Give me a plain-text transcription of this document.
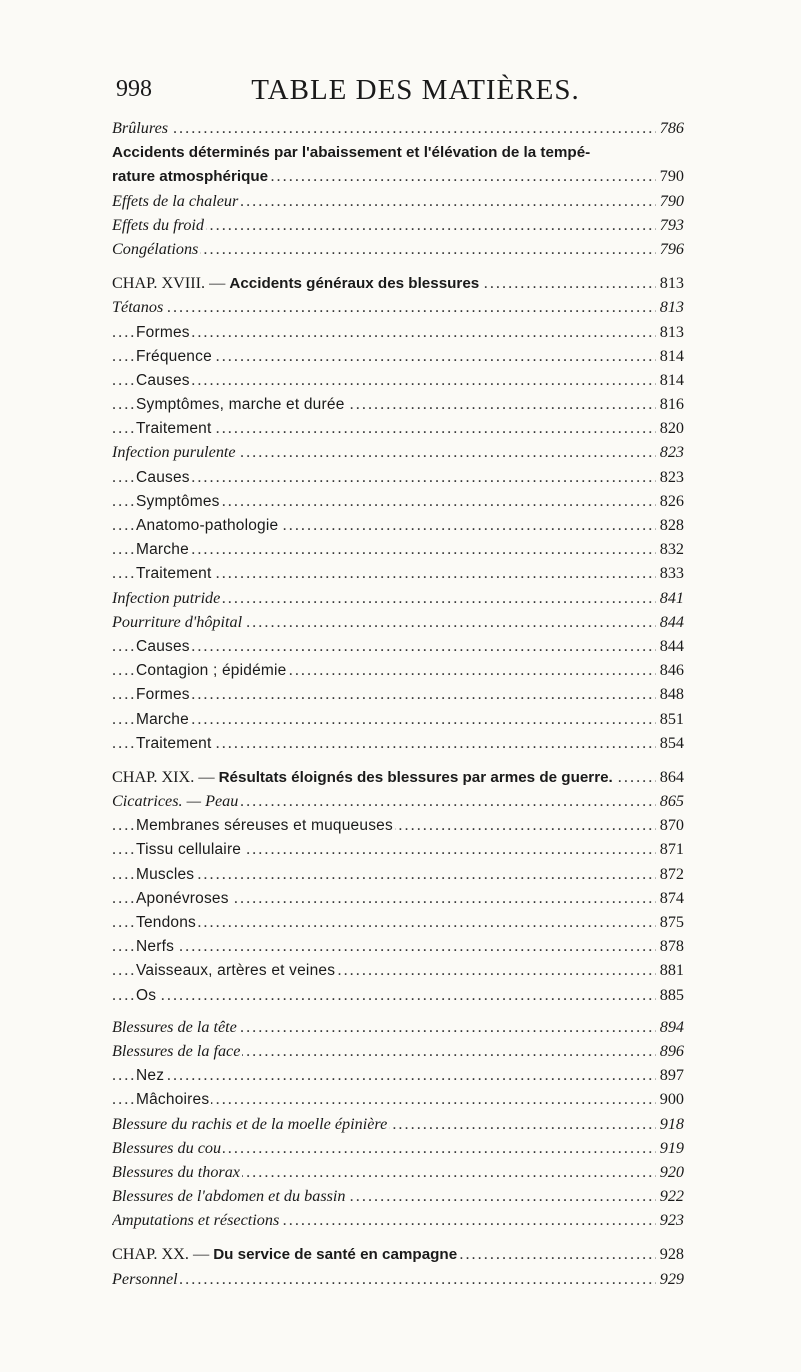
998	TABLE DES MATIÈRES.
Brûlures	786
. . .
Accidents déterminés par l'abaissement et l'élévation de la tempé-
rature atmosphérique	790
. . .
Effets de la chaleur	790
. . .
Effets du froid	793
. . .
Congélations	796
. . .
CHAP. XVIII. — Accidents généraux des blessures	813
. . .
Tétanos	813
. . .
Formes	813
. . .
Fréquence	814
. . .
Causes	814
. . .
Symptômes, marche et durée	816
. . .
Traitement	820
. . .
Infection purulente	823
. . .
Causes	823
. . .
Symptômes	826
. . .
Anatomo-pathologie	828
. . .
Marche	832
. . .
Traitement	833
. . .
Infection putride	841
. . .
Pourriture d'hôpital	844
. . .
Causes	844
. . .
Contagion ; épidémie	846
. . .
Formes	848
. . .
Marche	851
. . .
Traitement	854
. . .
CHAP. XIX. — Résultats éloignés des blessures par armes de guerre.	864
. . .
Cicatrices. — Peau	865
. . .
Membranes séreuses et muqueuses	870
. . .
Tissu cellulaire	871
. . .
Muscles	872
. . .
Aponévroses	874
. . .
Tendons	875
. . .
Nerfs	878
. . .
Vaisseaux, artères et veines	881
. . .
Os	885
. . .
Blessures de la tête	894
. . .
Blessures de la face	896
. . .
Nez	897
. . .
Mâchoires	900
. . .
Blessure du rachis et de la moelle épinière	918
. . .
Blessures du cou	919
. . .
Blessures du thorax	920
. . .
Blessures de l'abdomen et du bassin	922
. . .
Amputations et résections	923
. . .
CHAP. XX. — Du service de santé en campagne	928
. . .
Personnel	929
. . .
